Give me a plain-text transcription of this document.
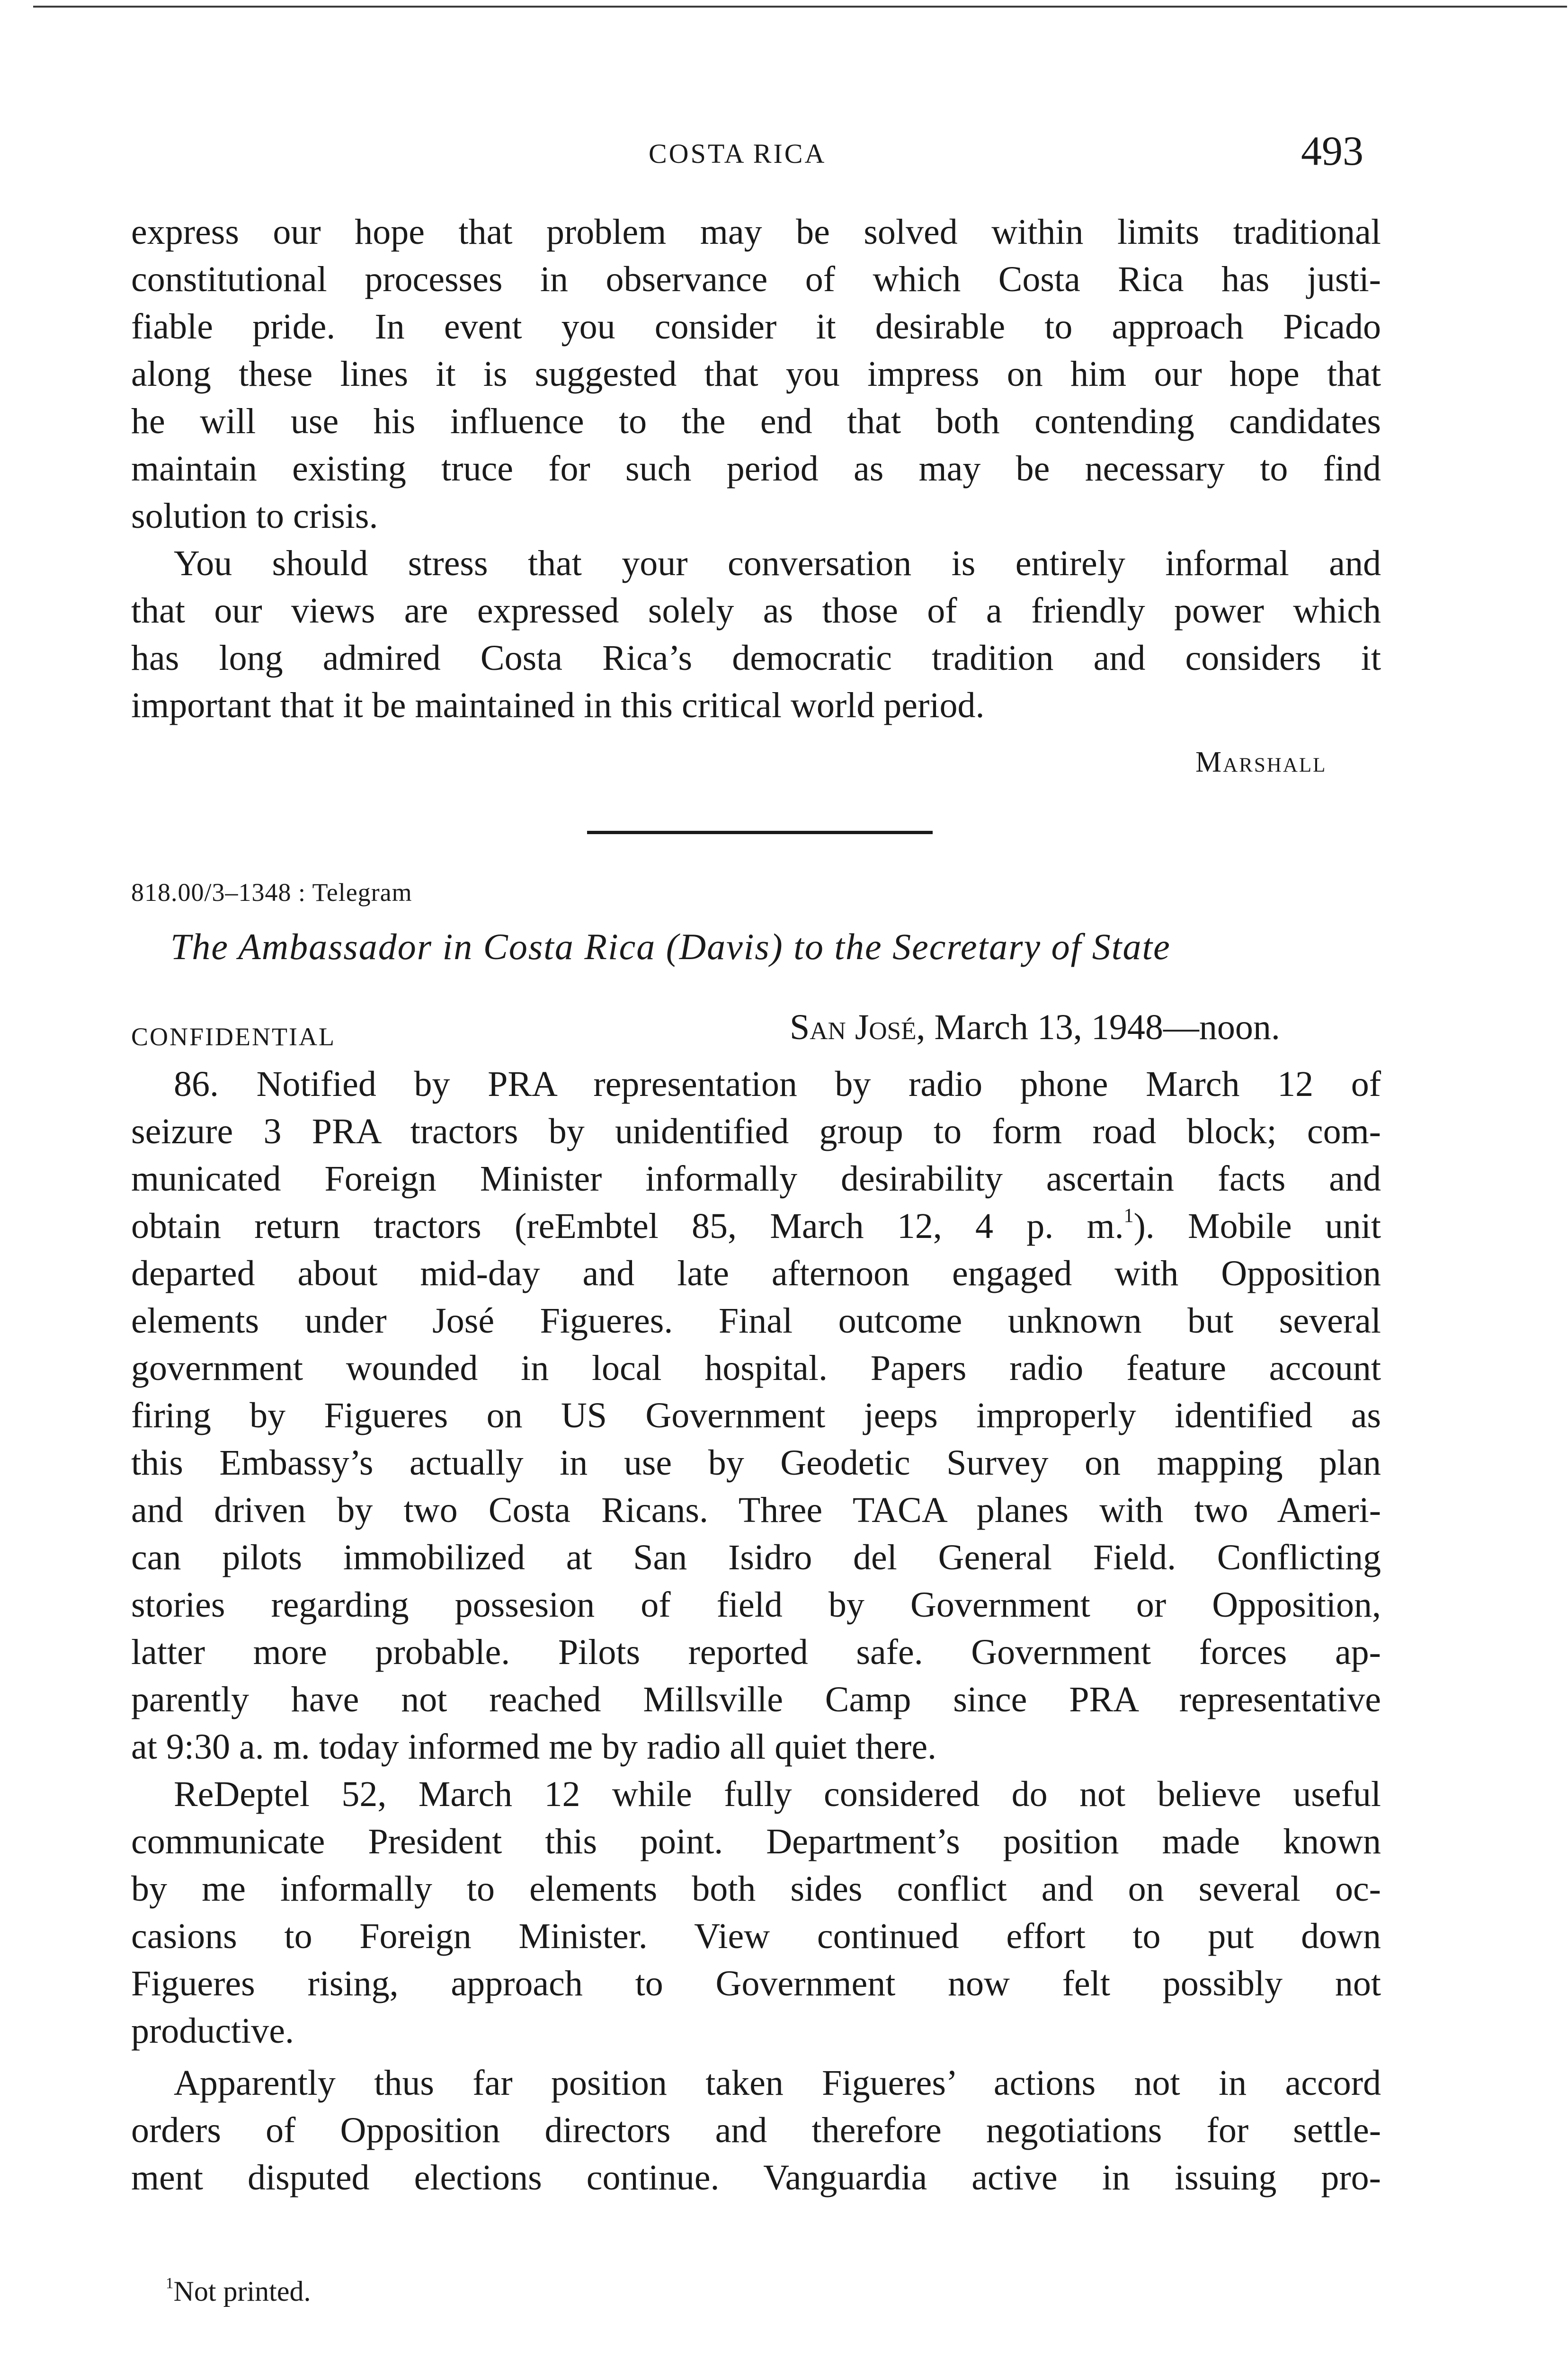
COSTA RICA	493
express our hope that problem may be solved within limits traditional
constitutional processes in observance of which Costa Rica has justi-
fiable pride. In event you consider it desirable to approach Picado
along these lines it is suggested that you impress on him our hope that
he will use his influence to the end that both contending candidates
maintain existing truce for such period as may be necessary to find
solution to crisis.
You should stress that your conversation is entirely informal and
that our views are expressed solely as those of a friendly power which
has long admired Costa Rica’s democratic tradition and considers it
important that it be maintained in this critical world period.
Marshall
818.00/3–1348 : Telegram
The Ambassador in Costa Rica (Davis) to the Secretary of State
CONFIDENTIAL	San José, March 13, 1948—noon.
86. Notified by PRA representation by radio phone March 12 of
seizure 3 PRA tractors by unidentified group to form road block; com-
municated Foreign Minister informally desirability ascertain facts and
obtain return tractors (reEmbtel 85, March 12, 4 p. m.$^1$). Mobile unit
departed about mid-day and late afternoon engaged with Opposition
elements under José Figueres. Final outcome unknown but several
government wounded in local hospital. Papers radio feature account
firing by Figueres on US Government jeeps improperly identified as
this Embassy’s actually in use by Geodetic Survey on mapping plan
and driven by two Costa Ricans. Three TACA planes with two Ameri-
can pilots immobilized at San Isidro del General Field. Conflicting
stories regarding possesion of field by Government or Opposition,
latter more probable. Pilots reported safe. Government forces ap-
parently have not reached Millsville Camp since PRA representative
at 9:30 a. m. today informed me by radio all quiet there.
ReDeptel 52, March 12 while fully considered do not believe useful
communicate President this point. Department’s position made known
by me informally to elements both sides conflict and on several oc-
casions to Foreign Minister. View continued effort to put down
Figueres rising, approach to Government now felt possibly not
productive.
Apparently thus far position taken Figueres’ actions not in accord
orders of Opposition directors and therefore negotiations for settle-
ment disputed elections continue. Vanguardia active in issuing pro-
$^1$Not printed.
